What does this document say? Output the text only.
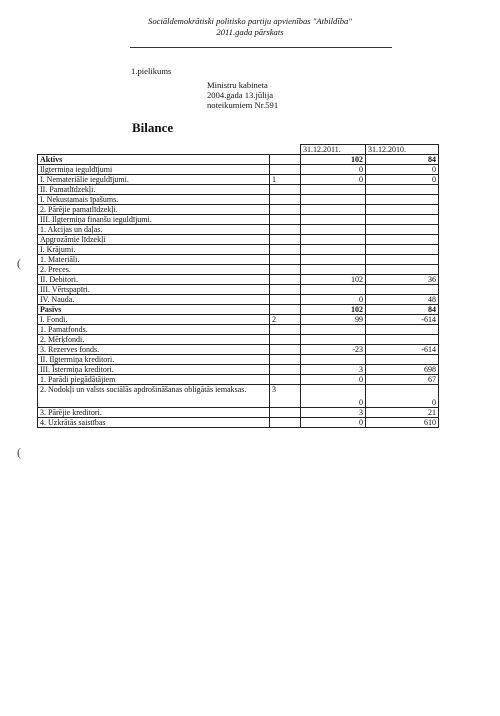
Sociāldemokrātiski politisko partiju apvienības "Atbildība"
2011.gada pārskats
1.pielikums
Ministru kabineta
2004.gada 13.jūlija
noteikumiem Nr.591
Bilance
(
(
		31.12.2011.	31.12.2010.
Aktīvs		102	84
Ilgtermiņa ieguldījumi		0	0
I. Nemateriālie ieguldījumi.	1	0	0
II. Pamatlīdzekļi.			
I. Nekustamais īpašums.			
2. Pārējie pamatlīdzekļi.			
III. Ilgtermiņa finanšu ieguldījumi.			
1. Akcijas un daļas.			
Apgrozāmie līdzekļi			
I. Krājumi.			
1. Materiāli.			
2. Preces.			
II. Debitori.		102	36
III. Vērtspapīri.			
IV. Nauda.		0	48
Pasīvs		102	84
I. Fondi.	2	99	-614
1. Pamatfonds.			
2. Mērķfondi.			
3. Rezerves fonds.		-23	-614
II. Ilgtermiņa kreditori.			
III. Īstermiņa kreditori.		3	698
1. Parādi piegādātājiem		0	67
2. Nodokļi un valsts sociālās apdrošināšanas obligātās iemaksas.	3	0	0
3. Pārējie kreditori.		3	21
4. Uzkrātās saistības		0	610
